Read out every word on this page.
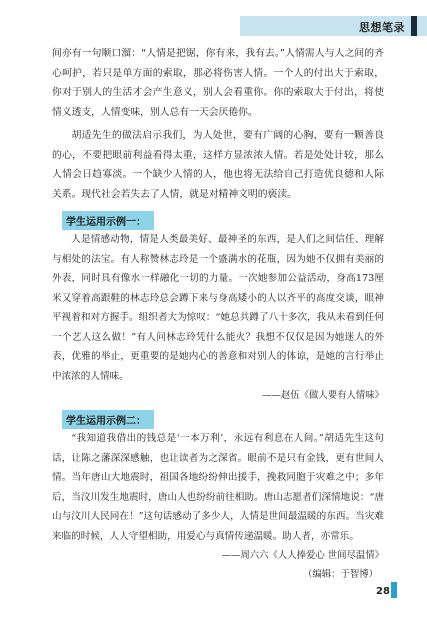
思想笔录

间亦有一句顺口溜：“人情是把锯，你有来，我有去。”人情需人与人之间的齐心呵护，若只是单方面的索取，那必将伤害人情。一个人的付出大于索取，你对于别人的生活才会产生意义，别人会看重你。你的索取大于付出，将使情义透支，人情变味，别人总有一天会厌倦你。

胡适先生的做法启示我们，为人处世，要有广阔的心胸，要有一颗善良的心，不要把眼前利益看得太重，这样方显浓浓人情。若是处处计较，那么人情会日趋寡淡。一个缺少人情的人，他也将无法给自己打造优良德和人际关系。现代社会若失去了人情，就是对精神文明的亵渎。

学生运用示例一：

人是情感动物，情是人类最美好、最神圣的东西，是人们之间信任、理解与相处的法宝。有人称赞林志玲是一个盛满水的花瓶，因为她不仅拥有美丽的外表，同时具有像水一样融化一切的力量。一次她参加公益活动，身高173厘米又穿着高跟鞋的林志玲总会蹲下来与身高矮小的人以齐平的高度交谈，眼神平视着和对方握手。组织者大为惊叹：“她总共蹲了八十多次，我从未看到任何一个艺人这么做！”有人问林志玲凭什么能火？我想不仅仅是因为她迷人的外表，优雅的举止，更重要的是她内心的善意和对别人的体谅，是她的言行举止中浓浓的人情味。

——赵伍《做人要有人情味》

学生运用示例二：

“我知道我借出的钱总是‘一本万利’，永远有利息在人间。”胡适先生这句话，让陈之藩深深感触，也让读者为之深省。眼前不是只有金钱，更有世间人情。当年唐山大地震时，祖国各地纷纷伸出援手，挽救同胞于灾难之中；多年后，当汶川发生地震时，唐山人也纷纷前往相助。唐山志愿者们深情地说：“唐山与汶川人民同在！”这句话感动了多少人，人情是世间最温暖的东西。当灾难来临的时候，人人守望相助，用爱心与真情传递温暖。助人者，亦常乐。

——周六六《人人捧爱心 世间尽温情》

（编辑：于智博）

28
